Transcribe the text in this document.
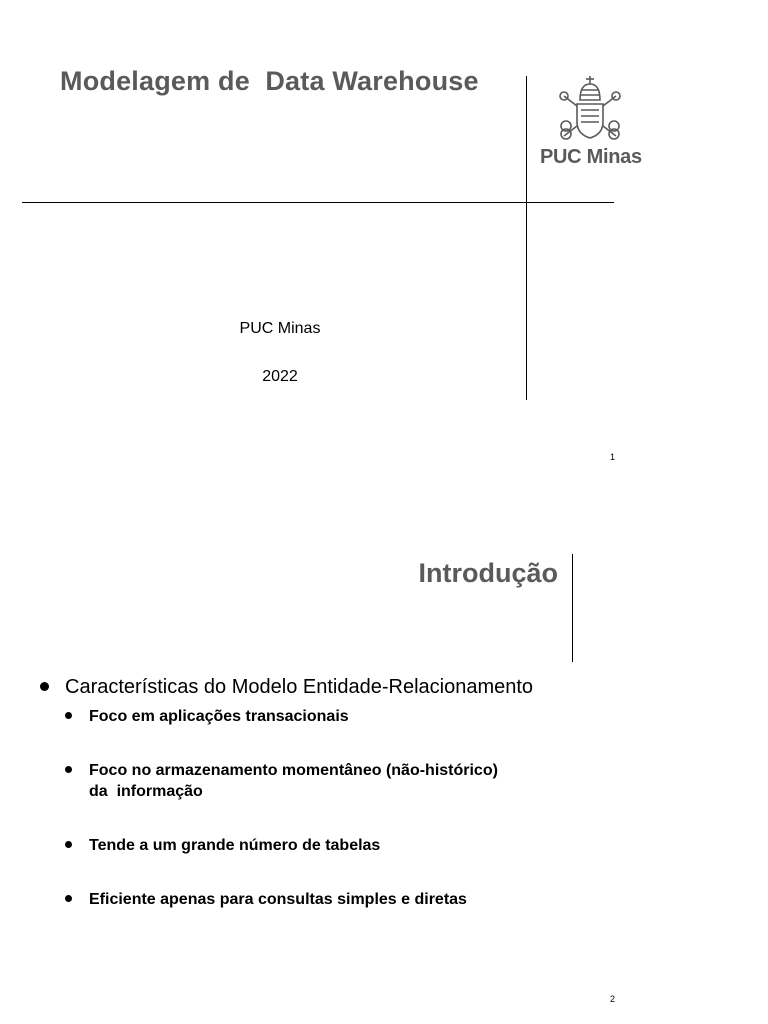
Modelagem de  Data Warehouse
PUC Minas
PUC Minas
2022
1
Introdução
Características do Modelo Entidade-Relacionamento
Foco em aplicações transacionais
Foco no armazenamento momentâneo (não-histórico)
da  informação
Tende a um grande número de tabelas
Eficiente apenas para consultas simples e diretas
2
